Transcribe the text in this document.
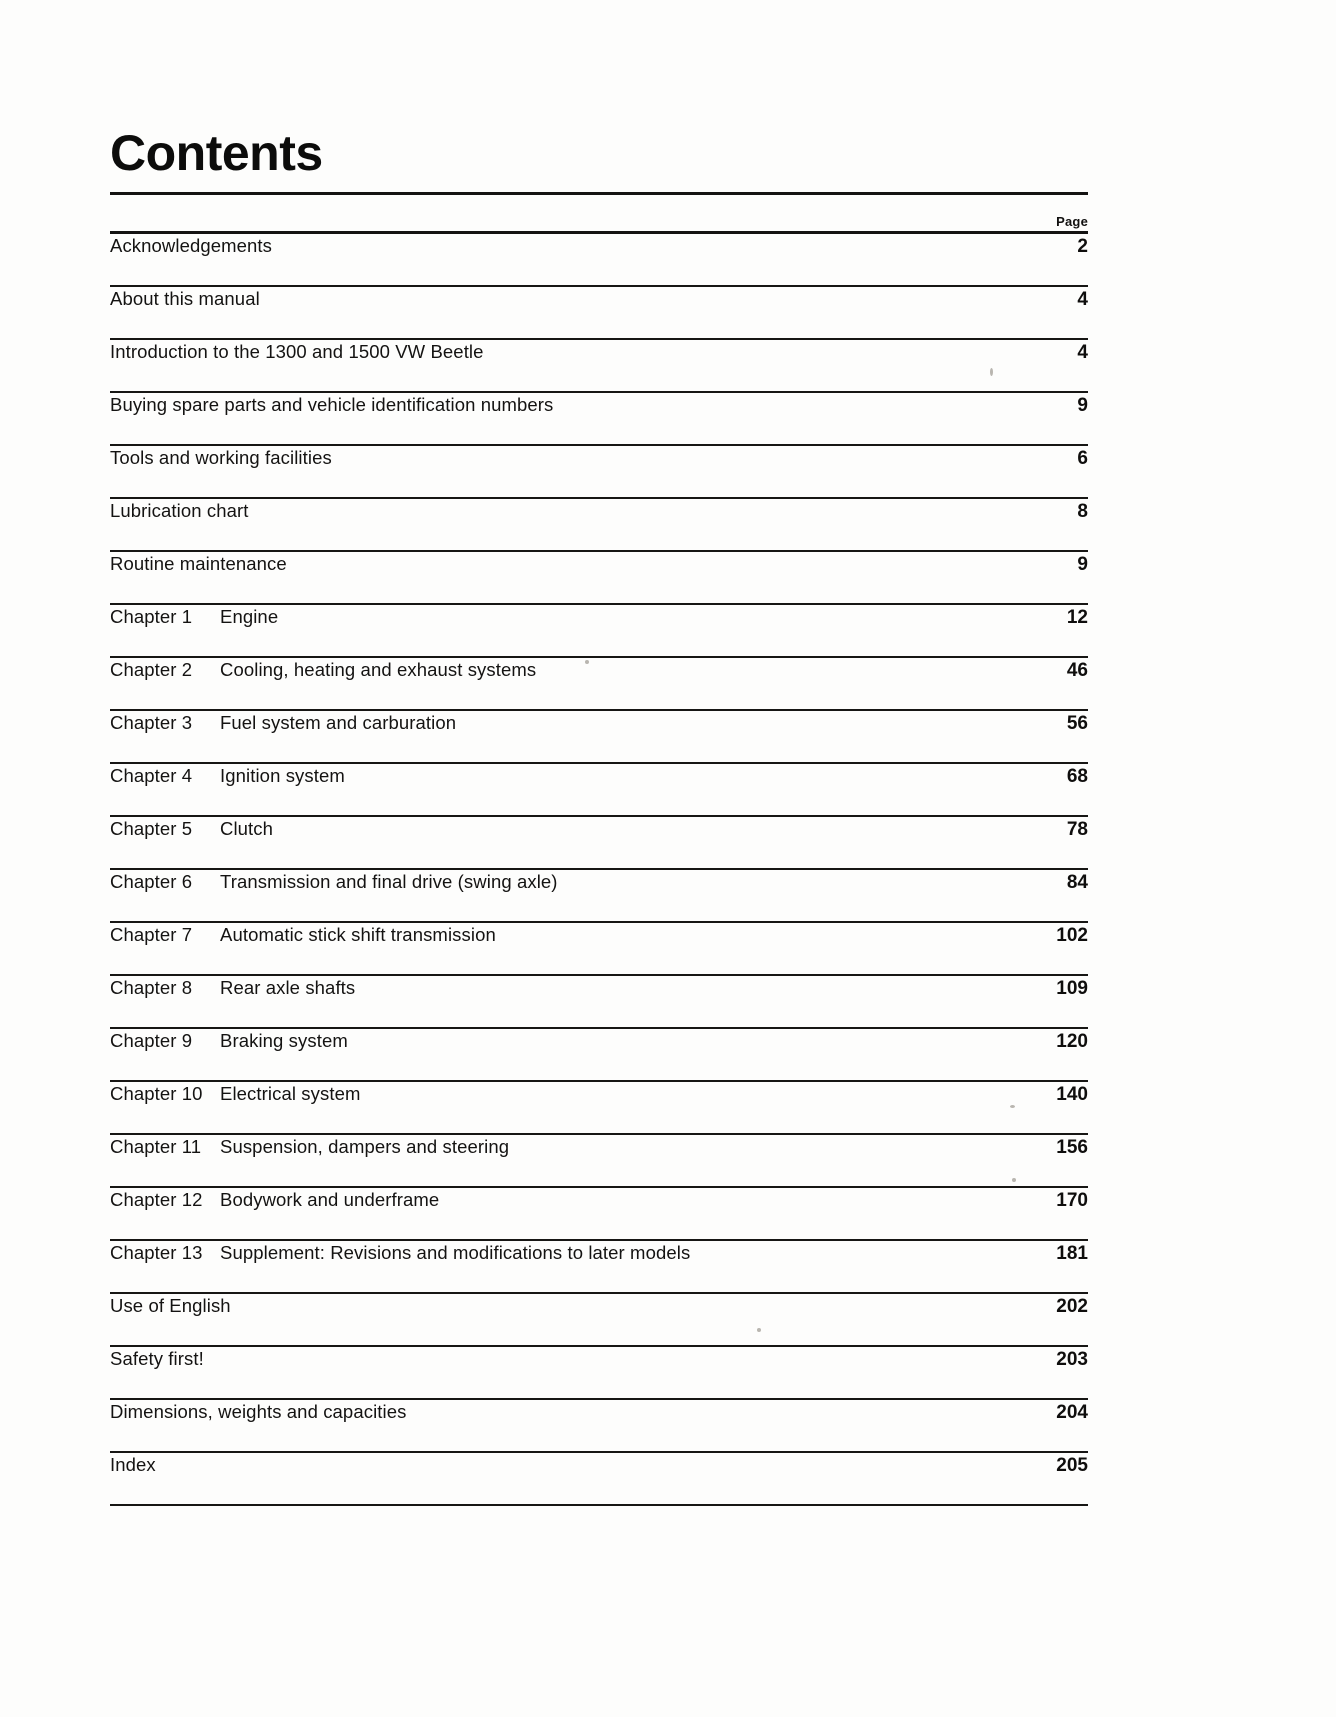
Contents
Page
Acknowledgements	2
About this manual	4
Introduction to the 1300 and 1500 VW Beetle	4
Buying spare parts and vehicle identification numbers	9
Tools and working facilities	6
Lubrication chart	8
Routine maintenance	9
Chapter 1	Engine	12
Chapter 2	Cooling, heating and exhaust systems	46
Chapter 3	Fuel system and carburation	56
Chapter 4	Ignition system	68
Chapter 5	Clutch	78
Chapter 6	Transmission and final drive (swing axle)	84
Chapter 7	Automatic stick shift transmission	102
Chapter 8	Rear axle shafts	109
Chapter 9	Braking system	120
Chapter 10 Electrical system	140
Chapter 11	Suspension, dampers and steering	156
Chapter 12 Bodywork and underframe	170
Chapter 13 Supplement: Revisions and modifications to later models	181
Use of English	202
Safety first!	203
Dimensions, weights and capacities	204
Index	205
